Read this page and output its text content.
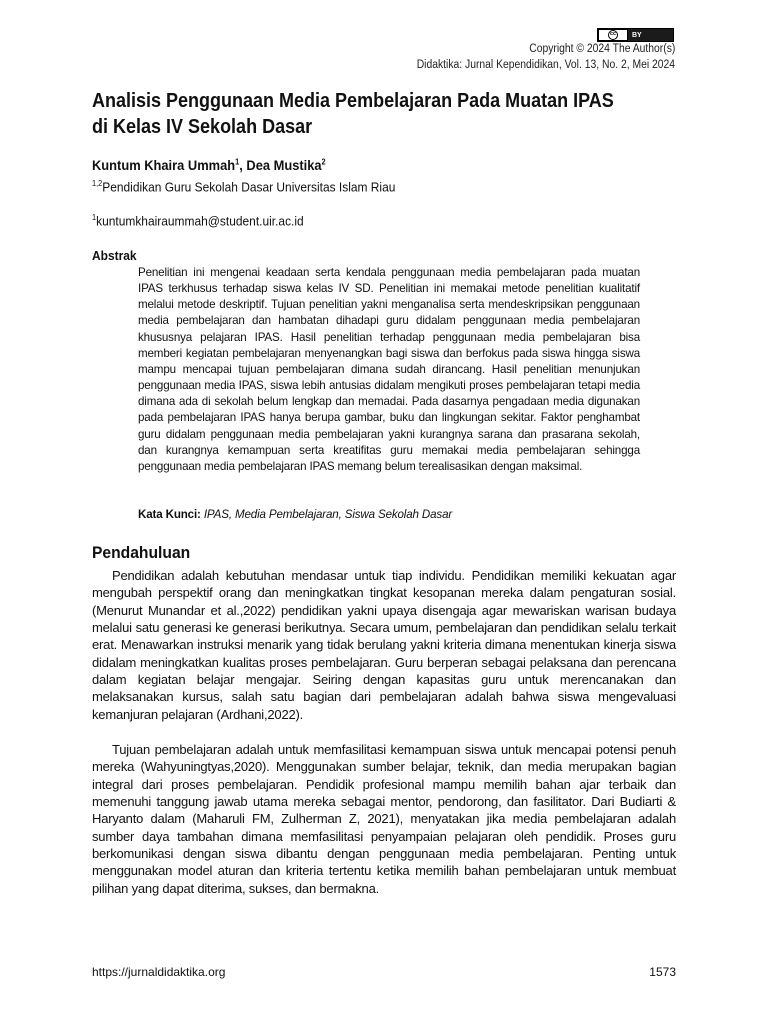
cc	BY
Copyright © 2024 The Author(s)
Didaktika: Jurnal Kependidikan, Vol. 13, No. 2, Mei 2024
Analisis Penggunaan Media Pembelajaran Pada Muatan IPAS di Kelas IV Sekolah Dasar
Kuntum Khaira Ummah$^1$, Dea Mustika$^2$
$^{1,2}$Pendidikan Guru Sekolah Dasar Universitas Islam Riau
$^1$kuntumkhairaummah@student.uir.ac.id
Abstrak

Penelitian ini mengenai keadaan serta kendala penggunaan media pembelajaran pada muatan IPAS terkhusus terhadap siswa kelas IV SD. Penelitian ini memakai metode penelitian kualitatif melalui metode deskriptif. Tujuan penelitian yakni menganalisa serta mendeskripsikan penggunaan media pembelajaran dan hambatan dihadapi guru didalam penggunaan media pembelajaran khususnya pelajaran IPAS. Hasil penelitian terhadap penggunaan media pembelajaran bisa memberi kegiatan pembelajaran menyenangkan bagi siswa dan berfokus pada siswa hingga siswa mampu mencapai tujuan pembelajaran dimana sudah dirancang. Hasil penelitian menunjukan penggunaan media IPAS, siswa lebih antusias didalam mengikuti proses pembelajaran tetapi media dimana ada di sekolah belum lengkap dan memadai. Pada dasarnya pengadaan media digunakan pada pembelajaran IPAS hanya berupa gambar, buku dan lingkungan sekitar. Faktor penghambat guru didalam penggunaan media pembelajaran yakni kurangnya sarana dan prasarana sekolah, dan kurangnya kemampuan serta kreatifitas guru memakai media pembelajaran sehingga penggunaan media pembelajaran IPAS memang belum terealisasikan dengan maksimal.

Kata Kunci: IPAS, Media Pembelajaran, Siswa Sekolah Dasar
Pendahuluan

Pendidikan adalah kebutuhan mendasar untuk tiap individu. Pendidikan memiliki kekuatan agar mengubah perspektif orang dan meningkatkan tingkat kesopanan mereka dalam pengaturan sosial. (Menurut Munandar et al.,2022) pendidikan yakni upaya disengaja agar mewariskan warisan budaya melalui satu generasi ke generasi berikutnya. Secara umum, pembelajaran dan pendidikan selalu terkait erat. Menawarkan instruksi menarik yang tidak berulang yakni kriteria dimana menentukan kinerja siswa didalam meningkatkan kualitas proses pembelajaran. Guru berperan sebagai pelaksana dan perencana dalam kegiatan belajar mengajar. Seiring dengan kapasitas guru untuk merencanakan dan melaksanakan kursus, salah satu bagian dari pembelajaran adalah bahwa siswa mengevaluasi kemanjuran pelajaran (Ardhani,2022).

Tujuan pembelajaran adalah untuk memfasilitasi kemampuan siswa untuk mencapai potensi penuh mereka (Wahyuningtyas,2020). Menggunakan sumber belajar, teknik, dan media merupakan bagian integral dari proses pembelajaran. Pendidik profesional mampu memilih bahan ajar terbaik dan memenuhi tanggung jawab utama mereka sebagai mentor, pendorong, dan fasilitator. Dari Budiarti & Haryanto dalam (Maharuli FM, Zulherman Z, 2021), menyatakan jika media pembelajaran adalah sumber daya tambahan dimana memfasilitasi penyampaian pelajaran oleh pendidik. Proses guru berkomunikasi dengan siswa dibantu dengan penggunaan media pembelajaran. Penting untuk menggunakan model aturan dan kriteria tertentu ketika memilih bahan pembelajaran untuk membuat pilihan yang dapat diterima, sukses, dan bermakna.

https://jurnaldidaktika.org	1573
